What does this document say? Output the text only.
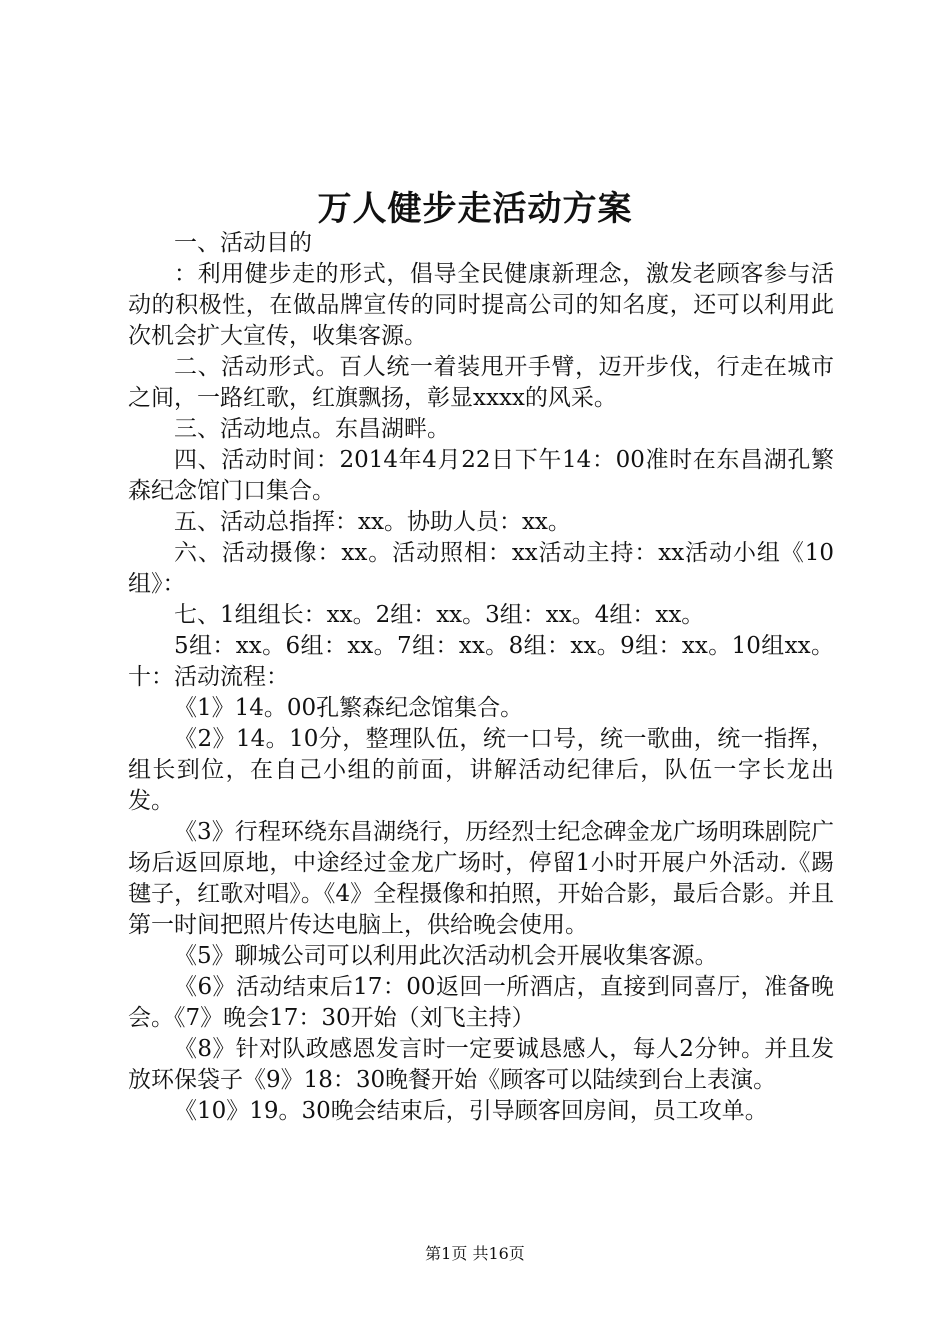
万人健步走活动方案

一、活动目的

：利用健步走的形式，倡导全民健康新理念，激发老顾客参与活动的积极性，在做品牌宣传的同时提高公司的知名度，还可以利用此次机会扩大宣传，收集客源。

二、活动形式。百人统一着装甩开手臂，迈开步伐，行走在城市之间，一路红歌，红旗飘扬，彰显xxxx的风采。

三、活动地点。东昌湖畔。

四、活动时间：2014年4月22日下午14：00准时在东昌湖孔繁森纪念馆门口集合。

五、活动总指挥：xx。协助人员：xx。

六、活动摄像：xx。活动照相：xx活动主持：xx活动小组《10组》：

七、1组组长：xx。2组：xx。3组：xx。4组：xx。

5组：xx。6组：xx。7组：xx。8组：xx。9组：xx。10组xx。十：活动流程：

《1》14。00孔繁森纪念馆集合。

《2》14。10分，整理队伍，统一口号，统一歌曲，统一指挥，组长到位，在自己小组的前面，讲解活动纪律后，队伍一字长龙出发。

《3》行程环绕东昌湖绕行，历经烈士纪念碑金龙广场明珠剧院广场后返回原地，中途经过金龙广场时，停留1小时开展户外活动.《踢毽子，红歌对唱》。《4》全程摄像和拍照，开始合影，最后合影。并且第一时间把照片传达电脑上，供给晚会使用。

《5》聊城公司可以利用此次活动机会开展收集客源。

《6》活动结束后17：00返回一所酒店，直接到同喜厅，准备晚会。《7》晚会17：30开始（刘飞主持）

《8》针对队政感恩发言时一定要诚恳感人，每人2分钟。并且发放环保袋子《9》18：30晚餐开始《顾客可以陆续到台上表演。

《10》19。30晚会结束后，引导顾客回房间，员工攻单。

第1页 共16页
